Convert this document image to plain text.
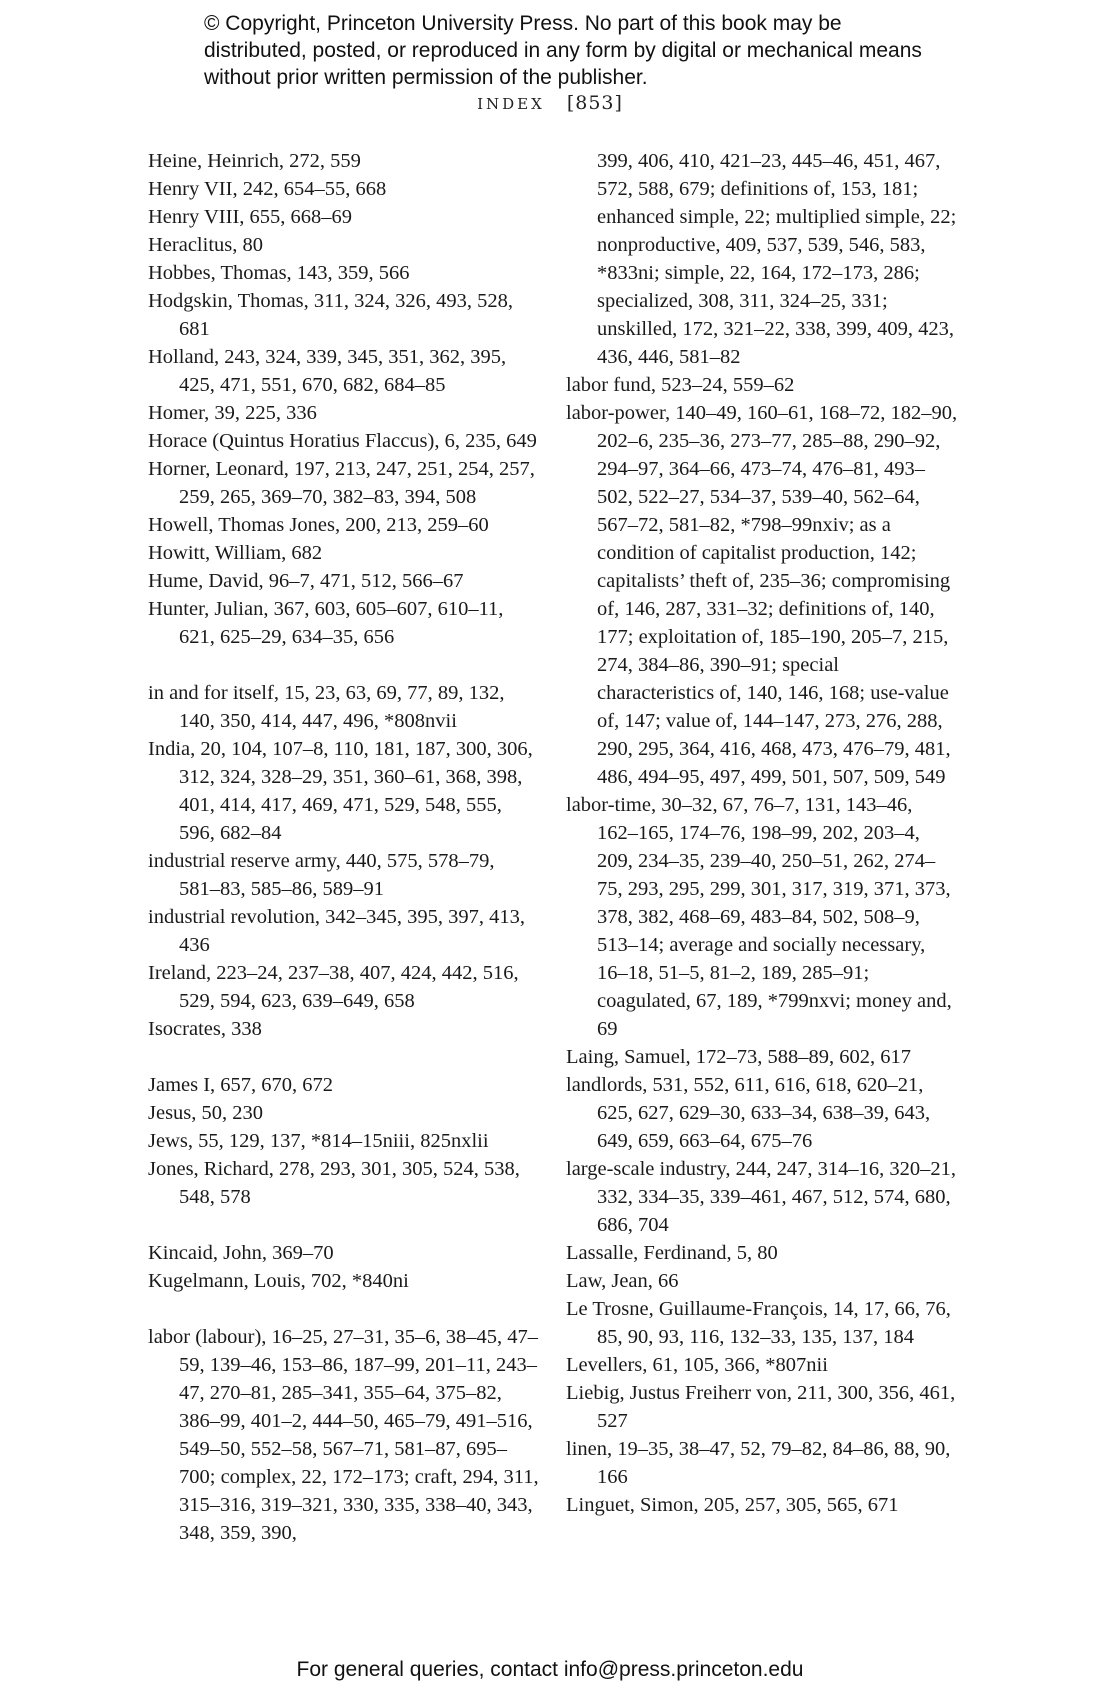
© Copyright, Princeton University Press. No part of this book may be distributed, posted, or reproduced in any form by digital or mechanical means without prior written permission of the publisher.
INDEX [853]

Heine, Heinrich, 272, 559

Henry VII, 242, 654–55, 668

Henry VIII, 655, 668–69

Heraclitus, 80

Hobbes, Thomas, 143, 359, 566

Hodgskin, Thomas, 311, 324, 326, 493, 528, 681

Holland, 243, 324, 339, 345, 351, 362, 395, 425, 471, 551, 670, 682, 684–85

Homer, 39, 225, 336

Horace (Quintus Horatius Flaccus), 6, 235, 649

Horner, Leonard, 197, 213, 247, 251, 254, 257, 259, 265, 369–70, 382–83, 394, 508

Howell, Thomas Jones, 200, 213, 259–60

Howitt, William, 682

Hume, David, 96–7, 471, 512, 566–67

Hunter, Julian, 367, 603, 605–607, 610–11, 621, 625–29, 634–35, 656

in and for itself, 15, 23, 63, 69, 77, 89, 132, 140, 350, 414, 447, 496, *808nvii

India, 20, 104, 107–8, 110, 181, 187, 300, 306, 312, 324, 328–29, 351, 360–61, 368, 398, 401, 414, 417, 469, 471, 529, 548, 555, 596, 682–84

industrial reserve army, 440, 575, 578–79, 581–83, 585–86, 589–91

industrial revolution, 342–345, 395, 397, 413, 436

Ireland, 223–24, 237–38, 407, 424, 442, 516, 529, 594, 623, 639–649, 658

Isocrates, 338

James I, 657, 670, 672

Jesus, 50, 230

Jews, 55, 129, 137, *814–15niii, 825nxlii

Jones, Richard, 278, 293, 301, 305, 524, 538, 548, 578

Kincaid, John, 369–70

Kugelmann, Louis, 702, *840ni

labor (labour), 16–25, 27–31, 35–6, 38–45, 47–59, 139–46, 153–86, 187–99, 201–11, 243–47, 270–81, 285–341, 355–64, 375–82, 386–99, 401–2, 444–50, 465–79, 491–516, 549–50, 552–58, 567–71, 581–87, 695–700; complex, 22, 172–173; craft, 294, 311, 315–316, 319–321, 330, 335, 338–40, 343, 348, 359, 390,

399, 406, 410, 421–23, 445–46, 451, 467, 572, 588, 679; definitions of, 153, 181; enhanced simple, 22; multiplied simple, 22; nonproductive, 409, 537, 539, 546, 583, *833ni; simple, 22, 164, 172–173, 286; specialized, 308, 311, 324–25, 331; unskilled, 172, 321–22, 338, 399, 409, 423, 436, 446, 581–82

labor fund, 523–24, 559–62

labor-power, 140–49, 160–61, 168–72, 182–90, 202–6, 235–36, 273–77, 285–88, 290–92, 294–97, 364–66, 473–74, 476–81, 493–502, 522–27, 534–37, 539–40, 562–64, 567–72, 581–82, *798–99nxiv; as a condition of capitalist production, 142; capitalists’ theft of, 235–36; compromising of, 146, 287, 331–32; definitions of, 140, 177; exploitation of, 185–190, 205–7, 215, 274, 384–86, 390–91; special characteristics of, 140, 146, 168; use-value of, 147; value of, 144–147, 273, 276, 288, 290, 295, 364, 416, 468, 473, 476–79, 481, 486, 494–95, 497, 499, 501, 507, 509, 549

labor-time, 30–32, 67, 76–7, 131, 143–46, 162–165, 174–76, 198–99, 202, 203–4, 209, 234–35, 239–40, 250–51, 262, 274–75, 293, 295, 299, 301, 317, 319, 371, 373, 378, 382, 468–69, 483–84, 502, 508–9, 513–14; average and socially necessary, 16–18, 51–5, 81–2, 189, 285–91; coagulated, 67, 189, *799nxvi; money and, 69

Laing, Samuel, 172–73, 588–89, 602, 617

landlords, 531, 552, 611, 616, 618, 620–21, 625, 627, 629–30, 633–34, 638–39, 643, 649, 659, 663–64, 675–76

large-scale industry, 244, 247, 314–16, 320–21, 332, 334–35, 339–461, 467, 512, 574, 680, 686, 704

Lassalle, Ferdinand, 5, 80

Law, Jean, 66

Le Trosne, Guillaume-François, 14, 17, 66, 76, 85, 90, 93, 116, 132–33, 135, 137, 184

Levellers, 61, 105, 366, *807nii

Liebig, Justus Freiherr von, 211, 300, 356, 461, 527

linen, 19–35, 38–47, 52, 79–82, 84–86, 88, 90, 166

Linguet, Simon, 205, 257, 305, 565, 671

For general queries, contact info@press.princeton.edu
